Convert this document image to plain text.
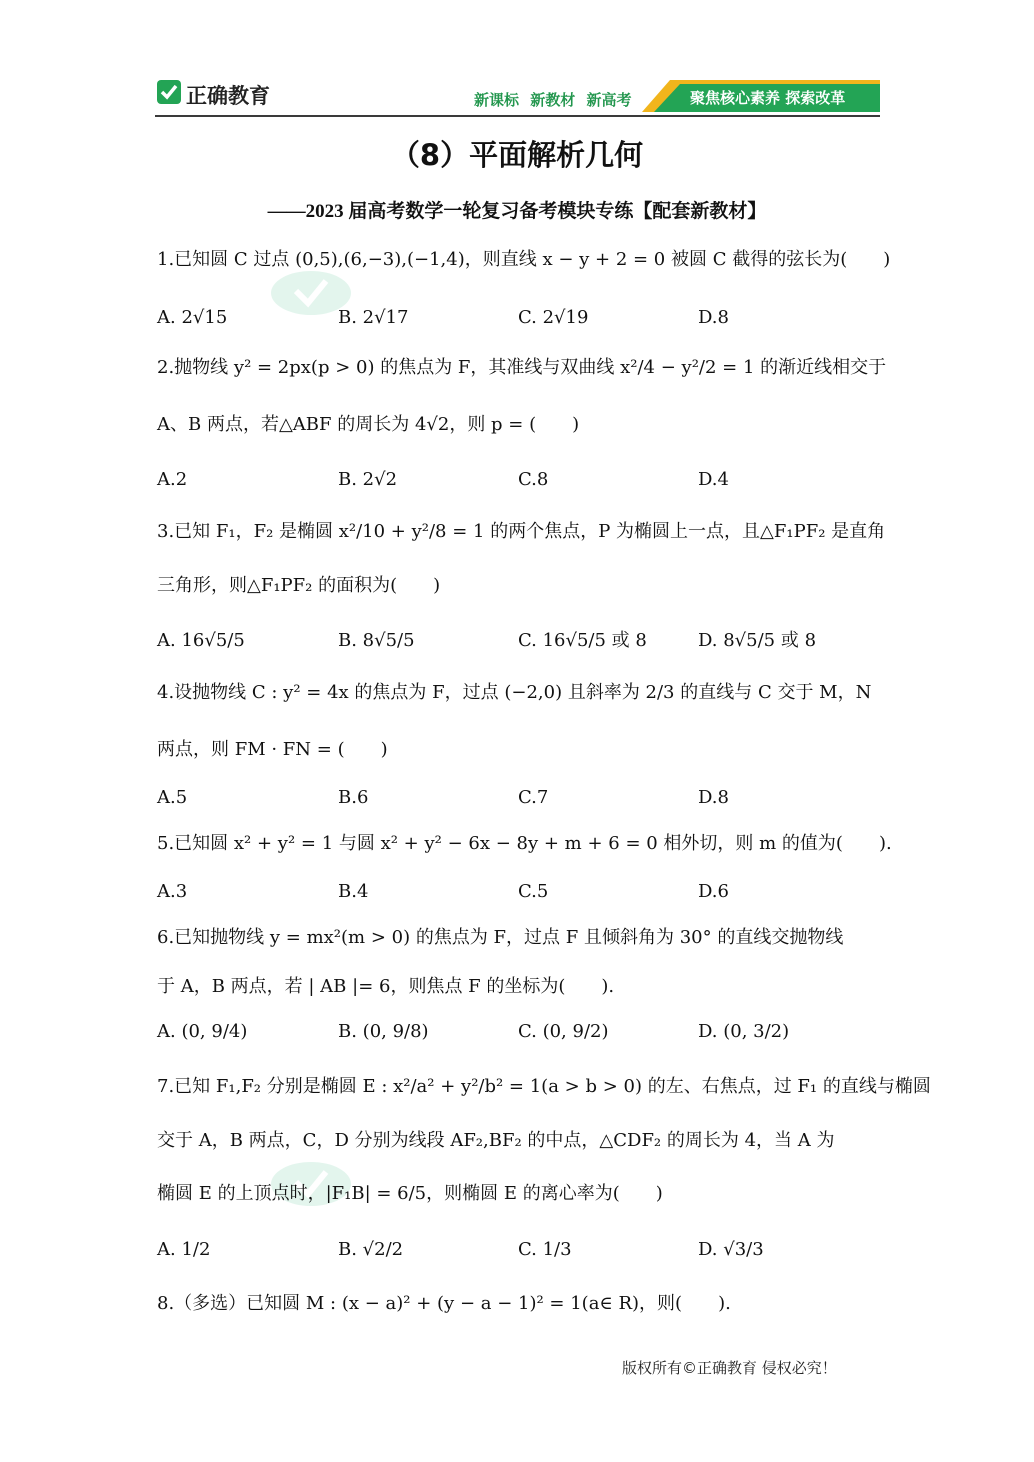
正确教育	新课标 新教材 新高考	聚焦核心素养 探索改革
（8）平面解析几何
——2023 届高考数学一轮复习备考模块专练【配套新教材】
1.已知圆 C 过点 (0,5),(6,−3),(−1,4)，则直线 x − y + 2 = 0 被圆 C 截得的弦长为(　　)
A. 2√15	B. 2√17	C. 2√19	D.8
2.抛物线 y² = 2px(p > 0) 的焦点为 F，其准线与双曲线 x²/4 − y²/2 = 1 的渐近线相交于
A、B 两点，若△ABF 的周长为 4√2，则 p = (　　)
A.2	B. 2√2	C.8	D.4
3.已知 F₁，F₂ 是椭圆 x²/10 + y²/8 = 1 的两个焦点，P 为椭圆上一点，且△F₁PF₂ 是直角
三角形，则△F₁PF₂ 的面积为(　　)
A. 16√5/5	B. 8√5/5	C. 16√5/5 或 8	D. 8√5/5 或 8
4.设抛物线 C : y² = 4x 的焦点为 F，过点 (−2,0) 且斜率为 2/3 的直线与 C 交于 M，N
两点，则 FM · FN = (　　)
A.5	B.6	C.7	D.8
5.已知圆 x² + y² = 1 与圆 x² + y² − 6x − 8y + m + 6 = 0 相外切，则 m 的值为(　　).
A.3	B.4	C.5	D.6
6.已知抛物线 y = mx²(m > 0) 的焦点为 F，过点 F 且倾斜角为 30° 的直线交抛物线
于 A，B 两点，若 | AB |= 6，则焦点 F 的坐标为(　　).
A. (0, 9/4)	B. (0, 9/8)	C. (0, 9/2)	D. (0, 3/2)
7.已知 F₁,F₂ 分别是椭圆 E : x²/a² + y²/b² = 1(a > b > 0) 的左、右焦点，过 F₁ 的直线与椭圆
交于 A，B 两点，C，D 分别为线段 AF₂,BF₂ 的中点，△CDF₂ 的周长为 4，当 A 为
椭圆 E 的上顶点时，|F₁B| = 6/5，则椭圆 E 的离心率为(　　)
A. 1/2	B. √2/2	C. 1/3	D. √3/3
8.（多选）已知圆 M : (x − a)² + (y − a − 1)² = 1(a∈ R)，则(　　).
版权所有©正确教育 侵权必究！
